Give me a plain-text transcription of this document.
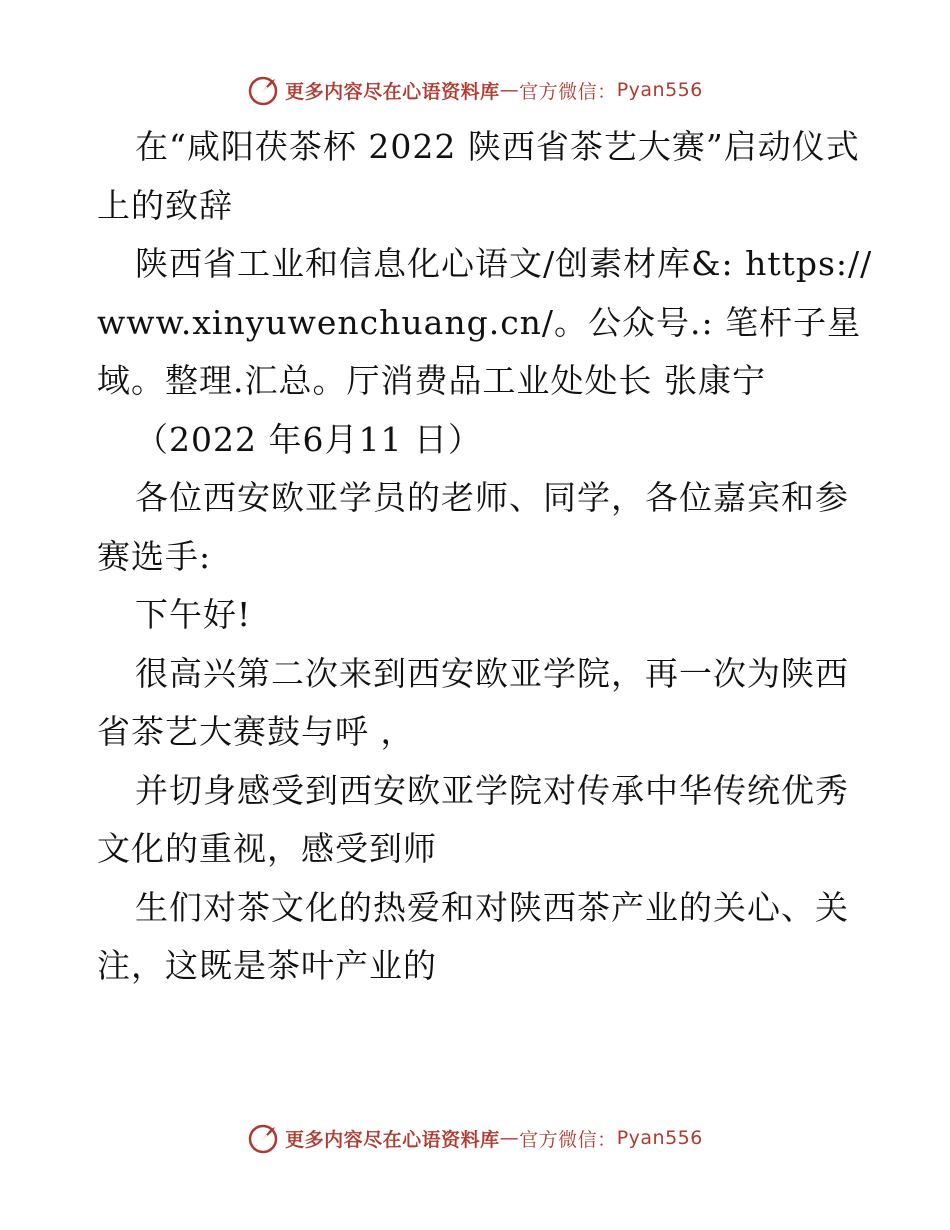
更多内容尽在心语资料库 — 官方微信： Pyan556

在“咸阳茯茶杯 2022 陕西省茶艺大赛”启动仪式上的致辞

陕西省工业和信息化心语文/创素材库&: https://www.xinyuwenchuang.cn/。公众号.: 笔杆子星域。整理.汇总。厅消费品工业处处长 张康宁

（2022 年6月11 日）

各位西安欧亚学员的老师、同学，各位嘉宾和参赛选手:

下午好!

很高兴第二次来到西安欧亚学院，再一次为陕西省茶艺大赛鼓与呼 ，

并切身感受到西安欧亚学院对传承中华传统优秀文化的重视，感受到师

生们对茶文化的热爱和对陕西茶产业的关心、关注，这既是茶叶产业的

更多内容尽在心语资料库 — 官方微信： Pyan556
